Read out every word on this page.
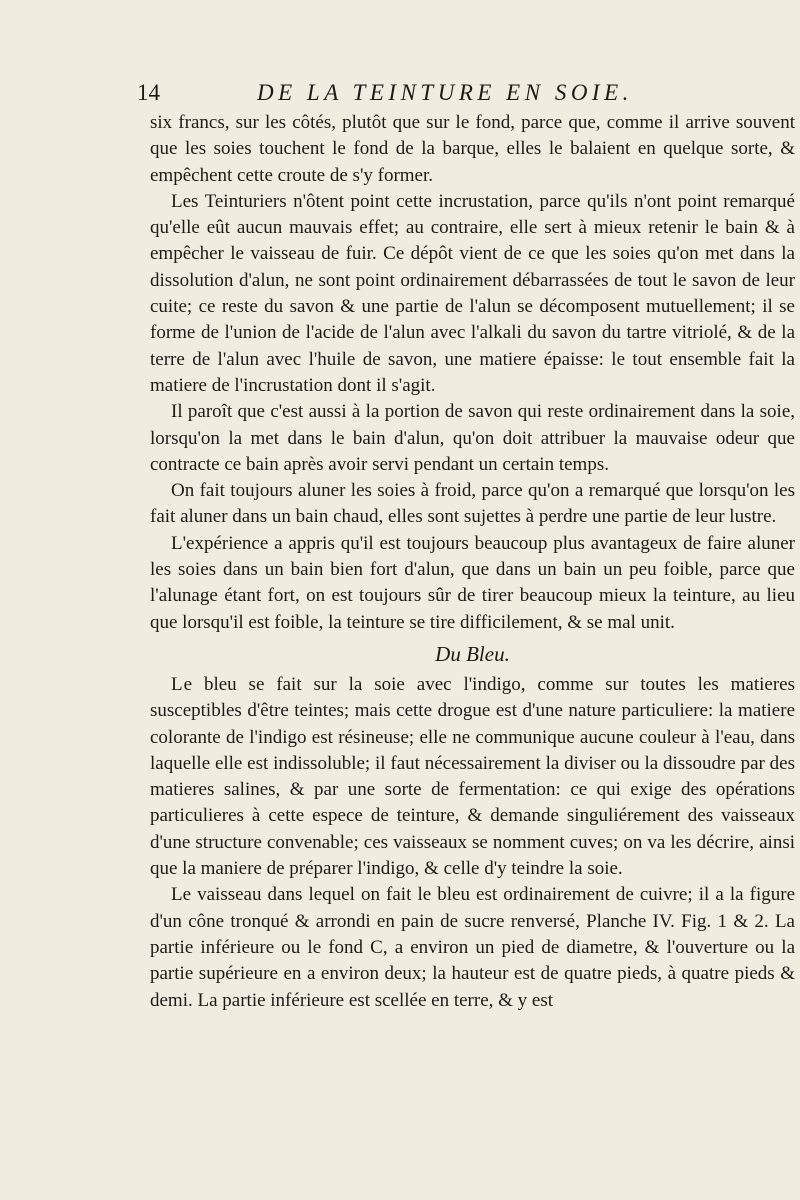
14	DE LA TEINTURE EN SOIE.

six francs, sur les côtés, plutôt que sur le fond, parce que, comme il arrive souvent que les soies touchent le fond de la barque, elles le balaient en quelque sorte, & empêchent cette croute de s'y former.

Les Teinturiers n'ôtent point cette incrustation, parce qu'ils n'ont point remarqué qu'elle eût aucun mauvais effet; au contraire, elle sert à mieux retenir le bain & à empêcher le vaisseau de fuir. Ce dépôt vient de ce que les soies qu'on met dans la dissolution d'alun, ne sont point ordinairement débarrassées de tout le savon de leur cuite; ce reste du savon & une partie de l'alun se décomposent mutuellement; il se forme de l'union de l'acide de l'alun avec l'alkali du savon du tartre vitriolé, & de la terre de l'alun avec l'huile de savon, une matiere épaisse: le tout ensemble fait la matiere de l'incrustation dont il s'agit.

Il paroît que c'est aussi à la portion de savon qui reste ordinairement dans la soie, lorsqu'on la met dans le bain d'alun, qu'on doit attribuer la mauvaise odeur que contracte ce bain après avoir servi pendant un certain temps.

On fait toujours aluner les soies à froid, parce qu'on a remarqué que lorsqu'on les fait aluner dans un bain chaud, elles sont sujettes à perdre une partie de leur lustre.

L'expérience a appris qu'il est toujours beaucoup plus avantageux de faire aluner les soies dans un bain bien fort d'alun, que dans un bain un peu foible, parce que l'alunage étant fort, on est toujours sûr de tirer beaucoup mieux la teinture, au lieu que lorsqu'il est foible, la teinture se tire difficilement, & se mal unit.

Du Bleu.

Le bleu se fait sur la soie avec l'indigo, comme sur toutes les matieres susceptibles d'être teintes; mais cette drogue est d'une nature particuliere: la matiere colorante de l'indigo est résineuse; elle ne communique aucune couleur à l'eau, dans laquelle elle est indissoluble; il faut nécessairement la diviser ou la dissoudre par des matieres salines, & par une sorte de fermentation: ce qui exige des opérations particulieres à cette espece de teinture, & demande singuliérement des vaisseaux d'une structure convenable; ces vaisseaux se nomment cuves; on va les décrire, ainsi que la maniere de préparer l'indigo, & celle d'y teindre la soie.

Le vaisseau dans lequel on fait le bleu est ordinairement de cuivre; il a la figure d'un cône tronqué & arrondi en pain de sucre renversé, Planche IV. Fig. 1 & 2. La partie inférieure ou le fond C, a environ un pied de diametre, & l'ouverture ou la partie supérieure en a environ deux; la hauteur est de quatre pieds, à quatre pieds & demi. La partie inférieure est scellée en terre, & y est
